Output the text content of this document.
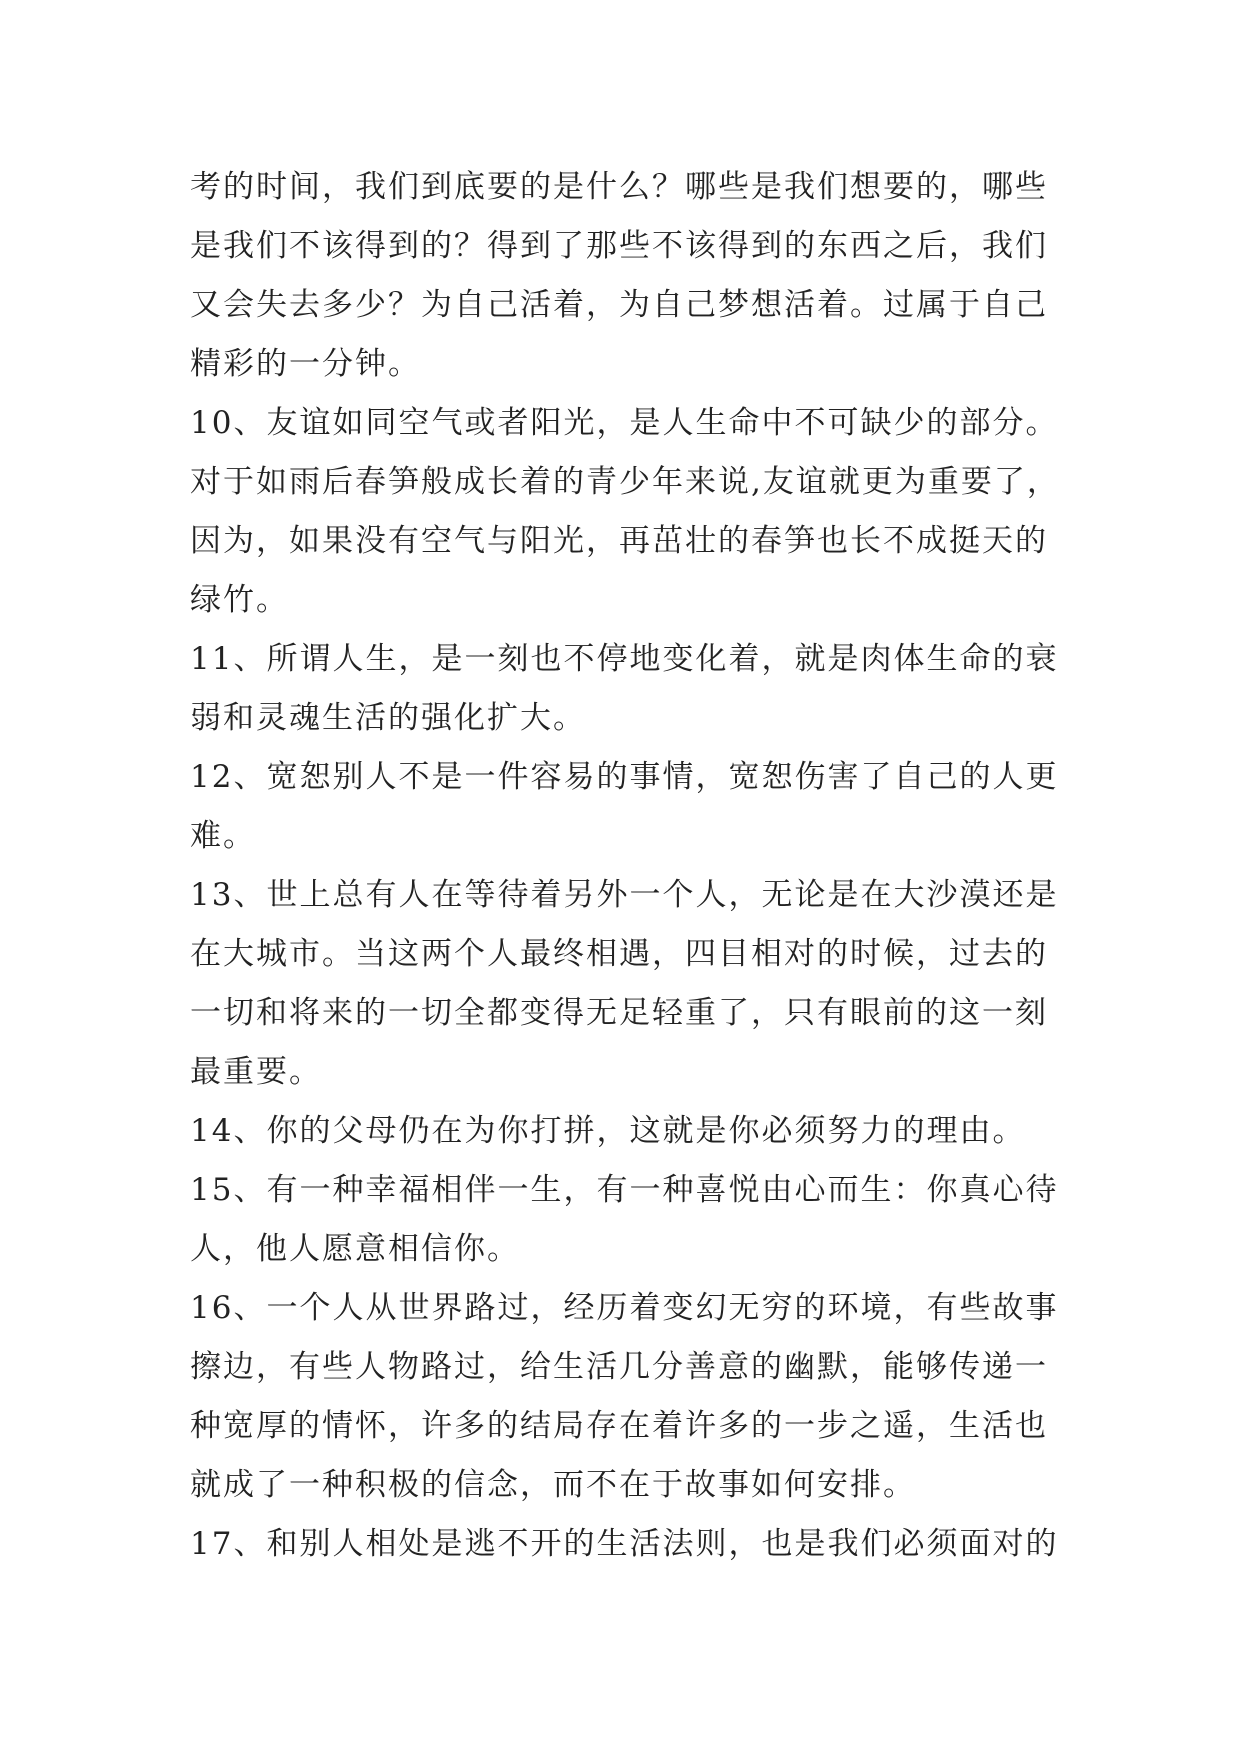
考的时间，我们到底要的是什么？哪些是我们想要的，哪些
是我们不该得到的？得到了那些不该得到的东西之后，我们
又会失去多少？为自己活着，为自己梦想活着。过属于自己
精彩的一分钟。
10、友谊如同空气或者阳光，是人生命中不可缺少的部分。
对于如雨后春笋般成长着的青少年来说,友谊就更为重要了，
因为，如果没有空气与阳光，再茁壮的春笋也长不成挺天的
绿竹。
11、所谓人生，是一刻也不停地变化着，就是肉体生命的衰
弱和灵魂生活的强化扩大。
12、宽恕别人不是一件容易的事情，宽恕伤害了自己的人更
难。
13、世上总有人在等待着另外一个人，无论是在大沙漠还是
在大城市。当这两个人最终相遇，四目相对的时候，过去的
一切和将来的一切全都变得无足轻重了，只有眼前的这一刻
最重要。
14、你的父母仍在为你打拼，这就是你必须努力的理由。
15、有一种幸福相伴一生，有一种喜悦由心而生：你真心待
人，他人愿意相信你。
16、一个人从世界路过，经历着变幻无穷的环境，有些故事
擦边，有些人物路过，给生活几分善意的幽默，能够传递一
种宽厚的情怀，许多的结局存在着许多的一步之遥，生活也
就成了一种积极的信念，而不在于故事如何安排。
17、和别人相处是逃不开的生活法则，也是我们必须面对的
